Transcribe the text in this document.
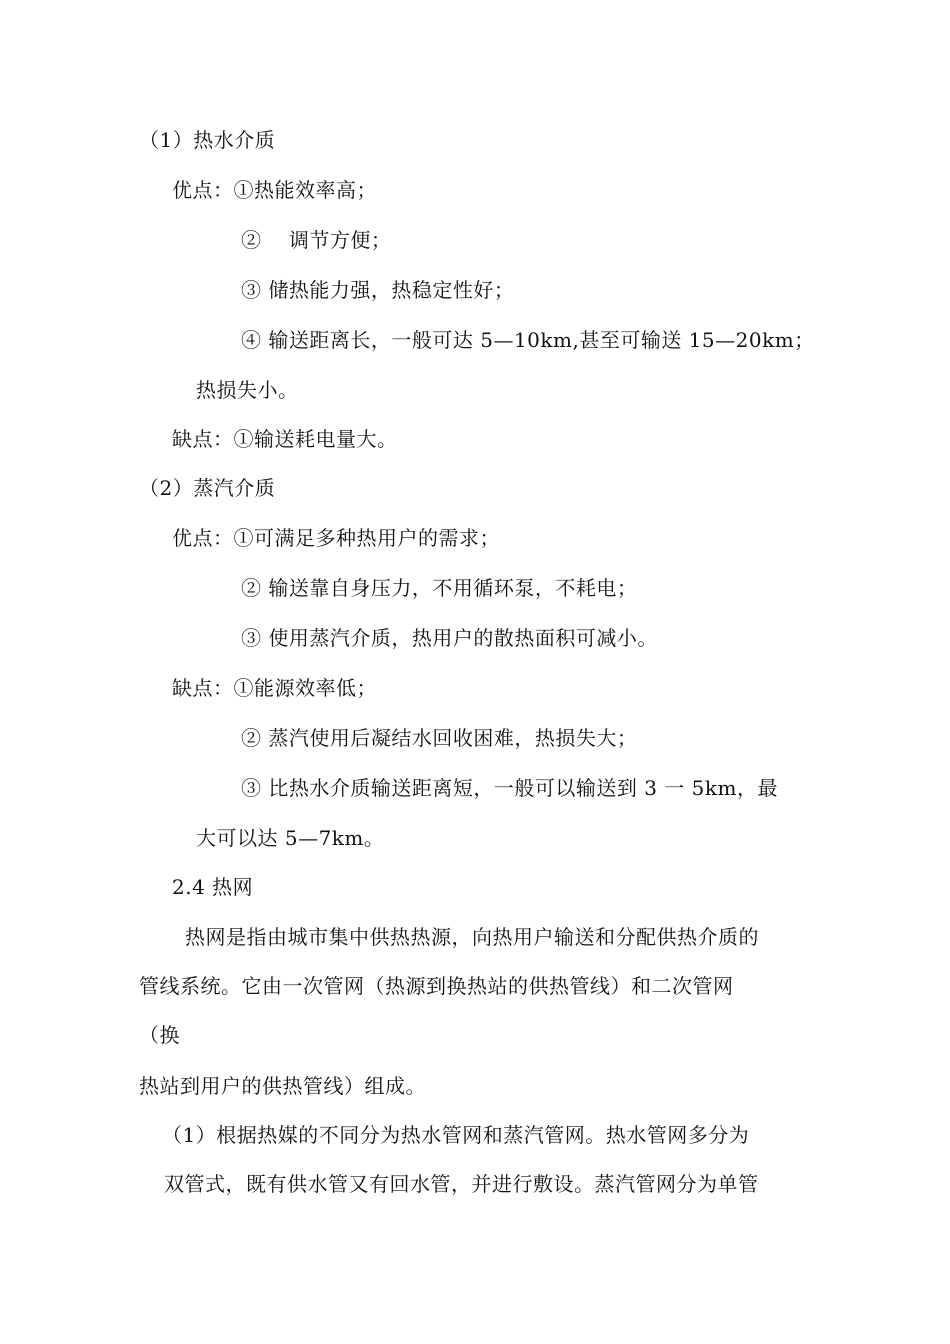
（1）热水介质
优点：①热能效率高；
②　 调节方便；
③ 储热能力强，热稳定性好；
④ 输送距离长，一般可达 5—10km,甚至可输送 15—20km；
热损失小。
缺点：①输送耗电量大。
（2）蒸汽介质
优点：①可满足多种热用户的需求；
② 输送靠自身压力，不用循环泵，不耗电；
③ 使用蒸汽介质，热用户的散热面积可减小。
缺点：①能源效率低；
② 蒸汽使用后凝结水回收困难，热损失大；
③ 比热水介质输送距离短，一般可以输送到 3 一 5km，最
大可以达 5—7km。
2.4 热网
热网是指由城市集中供热热源，向热用户输送和分配供热介质的
管线系统。它由一次管网（热源到换热站的供热管线）和二次管网
（换
热站到用户的供热管线）组成。
（1）根据热媒的不同分为热水管网和蒸汽管网。热水管网多分为
双管式，既有供水管又有回水管，并进行敷设。蒸汽管网分为单管
